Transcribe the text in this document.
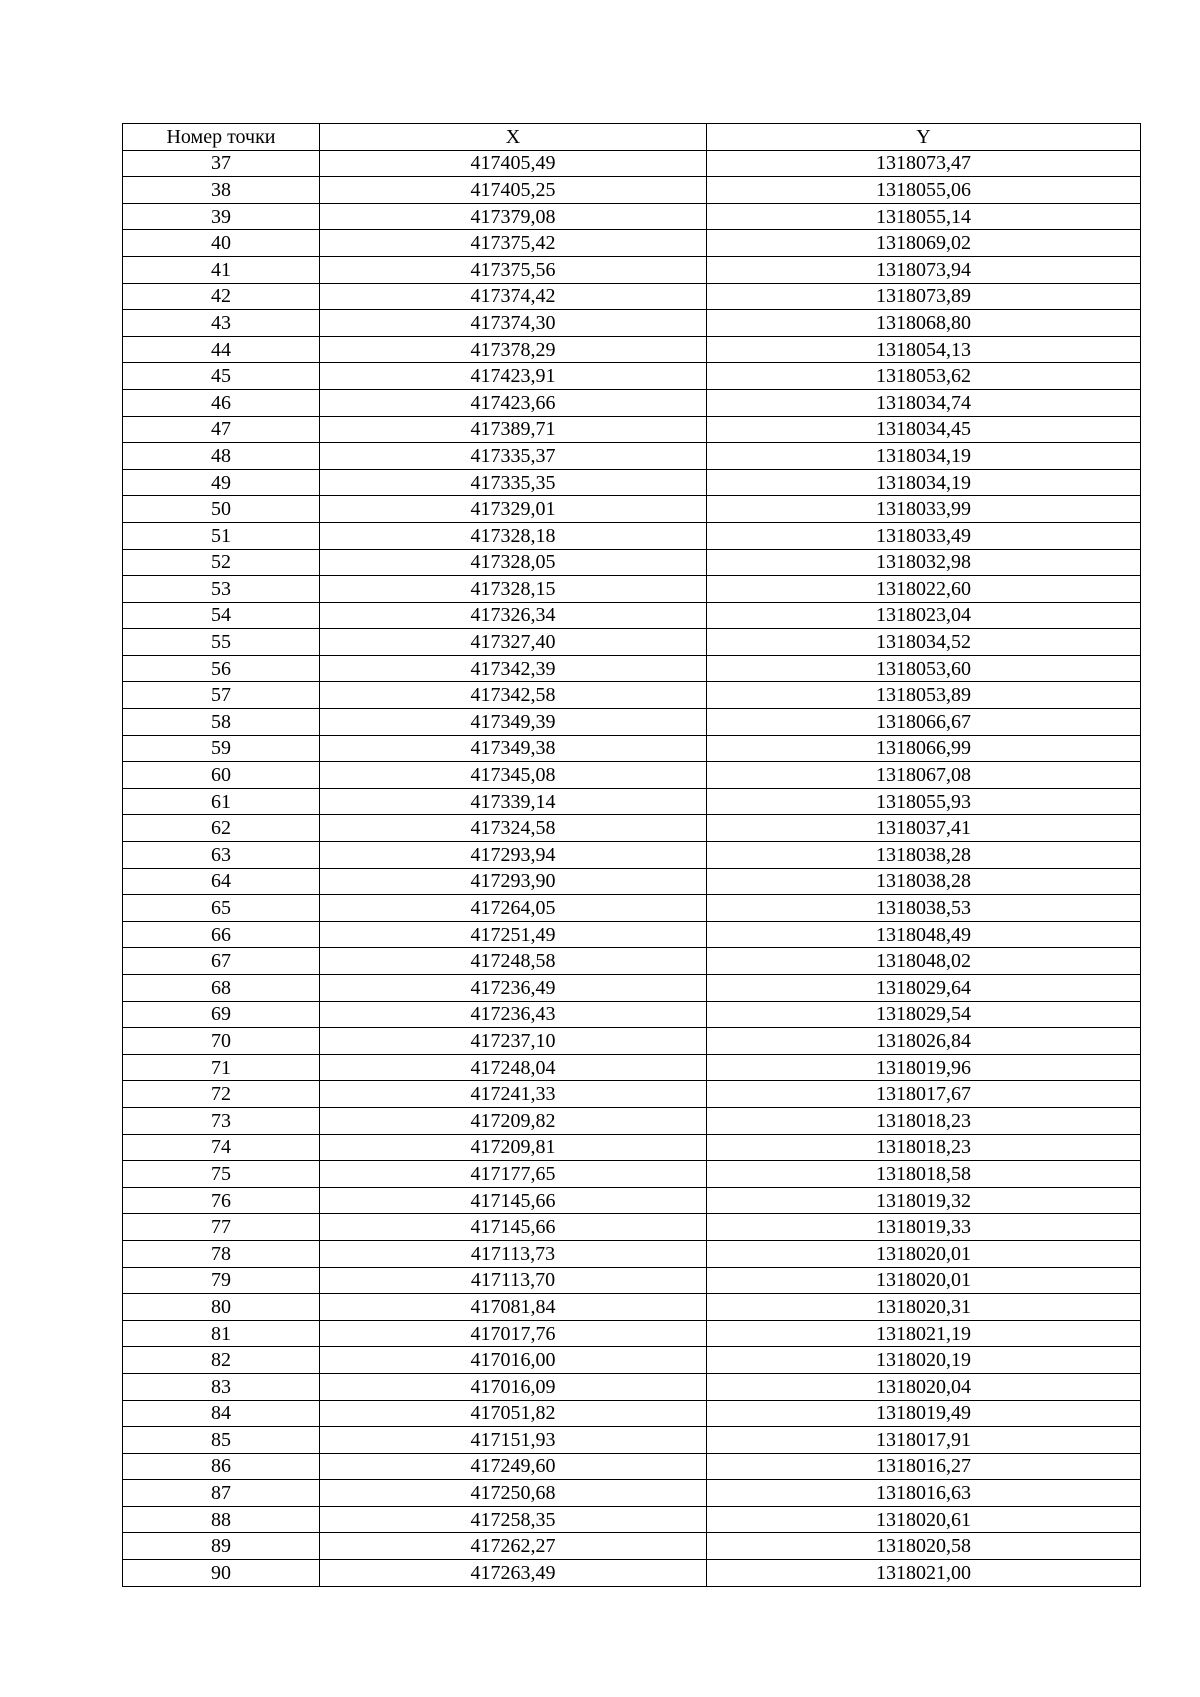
Номер точки	X	Y
37	417405,49	1318073,47
38	417405,25	1318055,06
39	417379,08	1318055,14
40	417375,42	1318069,02
41	417375,56	1318073,94
42	417374,42	1318073,89
43	417374,30	1318068,80
44	417378,29	1318054,13
45	417423,91	1318053,62
46	417423,66	1318034,74
47	417389,71	1318034,45
48	417335,37	1318034,19
49	417335,35	1318034,19
50	417329,01	1318033,99
51	417328,18	1318033,49
52	417328,05	1318032,98
53	417328,15	1318022,60
54	417326,34	1318023,04
55	417327,40	1318034,52
56	417342,39	1318053,60
57	417342,58	1318053,89
58	417349,39	1318066,67
59	417349,38	1318066,99
60	417345,08	1318067,08
61	417339,14	1318055,93
62	417324,58	1318037,41
63	417293,94	1318038,28
64	417293,90	1318038,28
65	417264,05	1318038,53
66	417251,49	1318048,49
67	417248,58	1318048,02
68	417236,49	1318029,64
69	417236,43	1318029,54
70	417237,10	1318026,84
71	417248,04	1318019,96
72	417241,33	1318017,67
73	417209,82	1318018,23
74	417209,81	1318018,23
75	417177,65	1318018,58
76	417145,66	1318019,32
77	417145,66	1318019,33
78	417113,73	1318020,01
79	417113,70	1318020,01
80	417081,84	1318020,31
81	417017,76	1318021,19
82	417016,00	1318020,19
83	417016,09	1318020,04
84	417051,82	1318019,49
85	417151,93	1318017,91
86	417249,60	1318016,27
87	417250,68	1318016,63
88	417258,35	1318020,61
89	417262,27	1318020,58
90	417263,49	1318021,00
